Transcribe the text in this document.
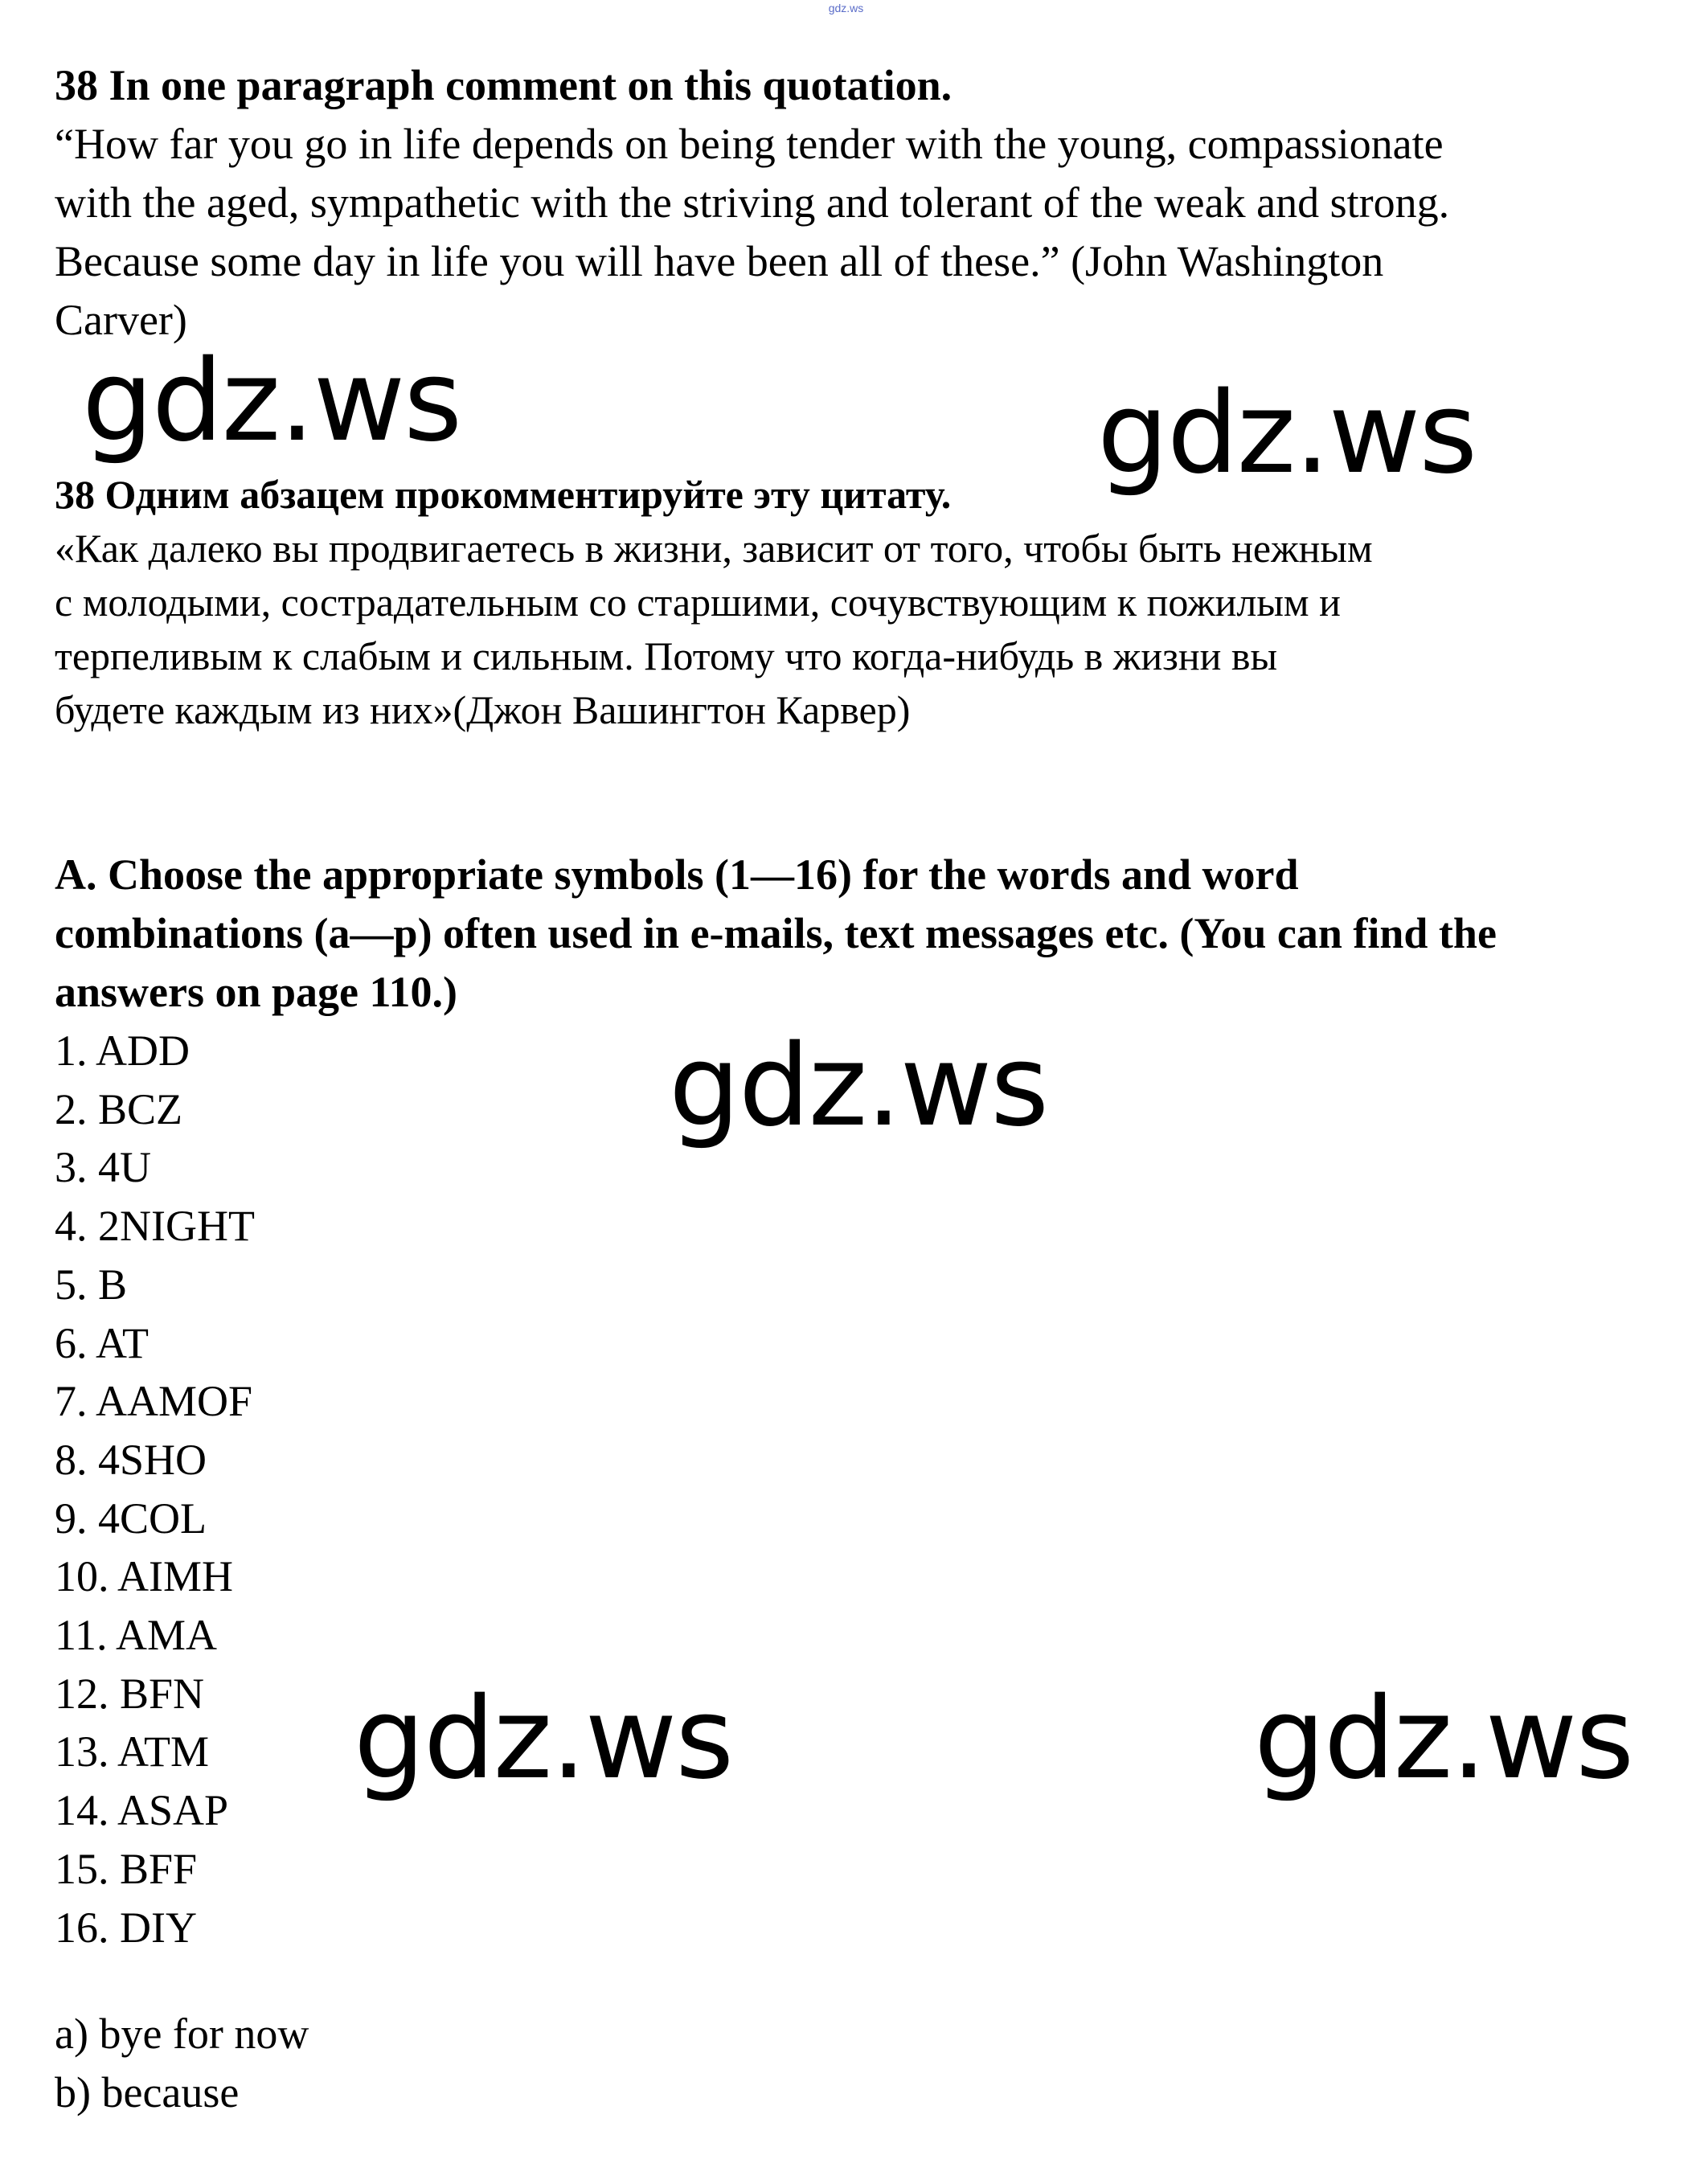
gdz.ws
38 In one paragraph comment on this quotation.
“How far you go in life depends on being tender with the young, compassionate
with the aged, sympathetic with the striving and tolerant of the weak and strong.
Because some day in life you will have been all of these.” (John Washington
Carver)
38 Одним абзацем прокомментируйте эту цитату.
«Как далеко вы продвигаетесь в жизни, зависит от того, чтобы быть нежным
с молодыми, сострадательным со старшими, сочувствующим к пожилым и
терпеливым к слабым и сильным. Потому что когда-нибудь в жизни вы
будете каждым из них»(Джон Вашингтон Карвер)
A. Choose the appropriate symbols (1—16) for the words and word
combinations (a—p) often used in e-mails, text messages etc. (You can find the
answers on page 110.)
1. ADD
2. BCZ
3. 4U
4. 2NIGHT
5. B
6. AT
7. AAMOF
8. 4SHO
9. 4COL
10. AIMH
11. AMA
12. BFN
13. ATM
14. ASAP
15. BFF
16. DIY
a) bye for now
b) because
gdz.ws	gdz.ws
gdz.ws
gdz.ws	gdz.ws
